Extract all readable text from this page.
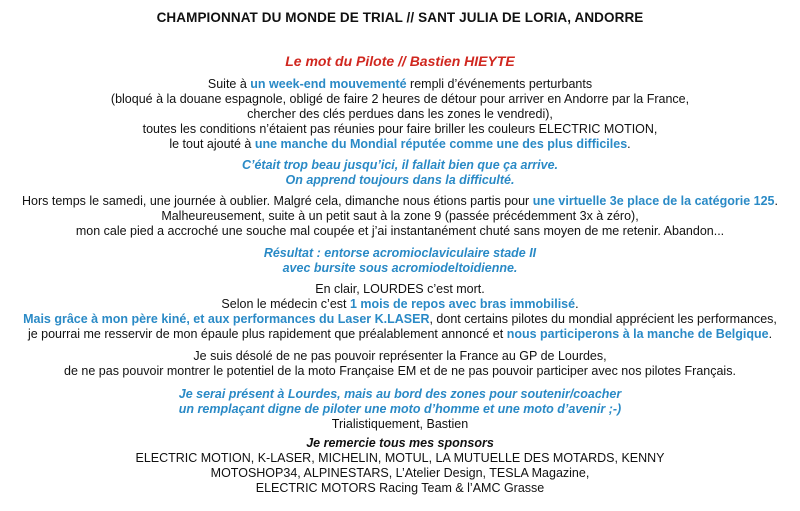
CHAMPIONNAT DU MONDE DE TRIAL // SANT JULIA DE LORIA, ANDORRE
Le mot du Pilote // Bastien HIEYTE
Suite à un week-end mouvementé rempli d’événements perturbants
(bloqué à la douane espagnole, obligé de faire 2 heures de détour pour arriver en Andorre par la France,
chercher des clés perdues dans les zones le vendredi),
toutes les conditions n’étaient pas réunies pour faire briller les couleurs ELECTRIC MOTION,
le tout ajouté à une manche du Mondial réputée comme une des plus difficiles.
C’était trop beau jusqu’ici, il fallait bien que ça arrive.
On apprend toujours dans la difficulté.
Hors temps le samedi, une journée à oublier. Malgré cela, dimanche nous étions partis pour une virtuelle 3e place de la catégorie 125.
Malheureusement, suite à un petit saut à la zone 9 (passée précédemment 3x à zéro),
mon cale pied a accroché une souche mal coupée et j’ai instantanément chuté sans moyen de me retenir. Abandon...
Résultat : entorse acromioclaviculaire stade II
avec bursite sous acromiodeltoidienne.
En clair, LOURDES c’est mort.
Selon le médecin c’est 1 mois de repos avec bras immobilisé.
Mais grâce à mon père kiné, et aux performances du Laser K.LASER, dont certains pilotes du mondial apprécient les performances,
je pourrai me resservir de mon épaule plus rapidement que préalablement annoncé et nous participerons à la manche de Belgique.
Je suis désolé de ne pas pouvoir représenter la France au GP de Lourdes,
de ne pas pouvoir montrer le potentiel de la moto Française EM et de ne pas pouvoir participer avec nos pilotes Français.
Je serai présent à Lourdes, mais au bord des zones pour soutenir/coacher
un remplaçant digne de piloter une moto d’homme et une moto d’avenir ;-)
Trialistiquement, Bastien
Je remercie tous mes sponsors
ELECTRIC MOTION, K-LASER, MICHELIN, MOTUL, LA MUTUELLE DES MOTARDS, KENNY
MOTOSHOP34, ALPINESTARS, L’Atelier Design, TESLA Magazine,
ELECTRIC MOTORS Racing Team & l’AMC Grasse
